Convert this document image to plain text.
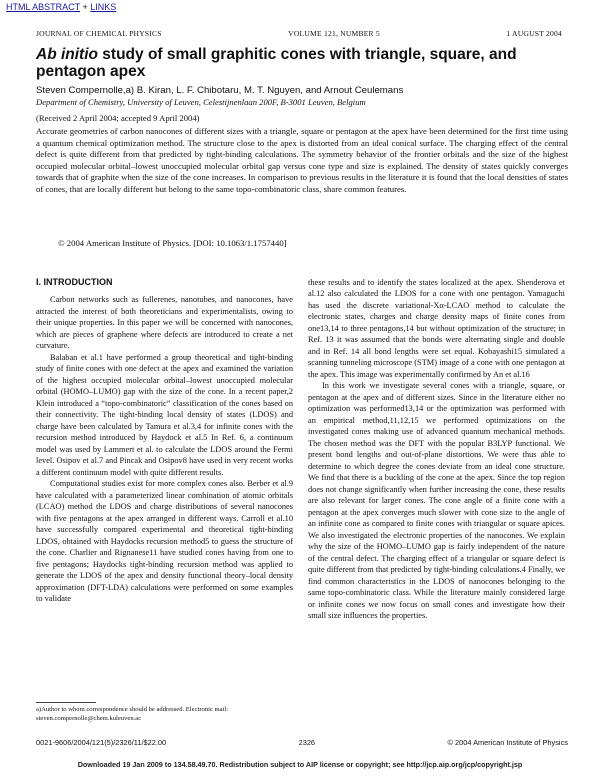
HTML ABSTRACT + LINKS
JOURNAL OF CHEMICAL PHYSICS	VOLUME 121, NUMBER 5	1 AUGUST 2004
Ab initio study of small graphitic cones with triangle, square, and pentagon apex
Steven Compernolle,a) B. Kiran, L. F. Chibotaru, M. T. Nguyen, and Arnout Ceulemans
Department of Chemistry, University of Leuven, Celestijnenlaan 200F, B-3001 Leuven, Belgium
(Received 2 April 2004; accepted 9 April 2004)
Accurate geometries of carbon nanocones of different sizes with a triangle, square or pentagon at the apex have been determined for the first time using a quantum chemical optimization method. The structure close to the apex is distorted from an ideal conical surface. The charging effect of the central defect is quite different from that predicted by tight-binding calculations. The symmetry behavior of the frontier orbitals and the size of the highest occupied molecular orbital–lowest unoccupied molecular orbital gap versus cone type and size is explained. The density of states quickly converges towards that of graphite when the size of the cone increases. In comparison to previous results in the literature it is found that the local densities of states of cones, that are locally different but belong to the same topo-combinatoric class, share common features.
© 2004 American Institute of Physics. [DOI: 10.1063/1.1757440]
I. INTRODUCTION

Carbon networks such as fullerenes, nanotubes, and nanocones, have attracted the interest of both theoreticians and experimentalists, owing to their unique properties. In this paper we will be concerned with nanocones, which are pieces of graphene where defects are introduced to create a net curvature.

Balaban et al.1 have performed a group theoretical and tight-binding study of finite cones with one defect at the apex and examined the variation of the highest occupied molecular orbital–lowest unoccupied molecular orbital (HOMO–LUMO) gap with the size of the cone. In a recent paper,2 Klein introduced a “topo-combinatoric” classification of the cones based on their connectivity. The tight-binding local density of states (LDOS) and charge have been calculated by Tamura et al.3,4 for infinite cones with the recursion method introduced by Haydock et al.5 In Ref. 6, a continuum model was used by Lammert et al. to calculate the LDOS around the Fermi level. Osipov et al.7 and Pincak and Osipov8 have used in very recent works a different continuum model with quite different results.

Computational studies exist for more complex cones also. Berber et al.9 have calculated with a parameterized linear combination of atomic orbitals (LCAO) method the LDOS and charge distributions of several nanocones with five pentagons at the apex arranged in different ways. Carroll et al.10 have successfully compared experimental and theoretical tight-binding LDOS, obtained with Haydocks recursion method5 to guess the structure of the cone. Charlier and Rignanese11 have studied cones having from one to five pentagons; Haydocks tight-binding recursion method was applied to generate the LDOS of the apex and density functional theory–local density approximation (DFT-LDA) calculations were performed on some examples to validate

these results and to identify the states localized at the apex. Shenderova et al.12 also calculated the LDOS for a cone with one pentagon. Yamaguchi has used the discrete variational-Xα-LCAO method to calculate the electronic states, charges and charge density maps of finite cones from one13,14 to three pentagons,14 but without optimization of the structure; in Ref. 13 it was assumed that the bonds were alternating single and double and in Ref. 14 all bond lengths were set equal. Kobayashi15 simulated a scanning tunneling microscope (STM) image of a cone with one pentagon at the apex. This image was experimentally confirmed by An et al.16

In this work we investigate several cones with a triangle, square, or pentagon at the apex and of different sizes. Since in the literature either no optimization was performed13,14 or the optimization was performed with an empirical method,11,12,15 we performed optimizations on the investigated cones making use of advanced quantum mechanical methods. The chosen method was the DFT with the popular B3LYP functional. We present bond lengths and out-of-plane distortions. We were thus able to determine to which degree the cones deviate from an ideal cone structure. We find that there is a buckling of the cone at the apex. Since the top region does not change significantly when further increasing the cone, these results are also relevant for larger cones. The cone angle of a finite cone with a pentagon at the apex converges much slower with cone size to the angle of an infinite cone as compared to finite cones with triangular or square apices. We also investigated the electronic properties of the nanocones. We explain why the size of the HOMO–LUMO gap is fairly independent of the nature of the central defect. The charging effect of a triangular or square defect is quite different from that predicted by tight-binding calculations.4 Finally, we find common characteristics in the LDOS of nanocones belonging to the same topo-combinatoric class. While the literature mainly considered large or infinite cones we now focus on small cones and investigate how their small size influences the properties.

a)Author to whom correspondence should be addressed. Electronic mail: steven.compernolle@chem.kuleuven.ac
0021-9606/2004/121(5)/2326/11/$22.00	2326	© 2004 American Institute of Physics
Downloaded 19 Jan 2009 to 134.58.49.70. Redistribution subject to AIP license or copyright; see http://jcp.aip.org/jcp/copyright.jsp
